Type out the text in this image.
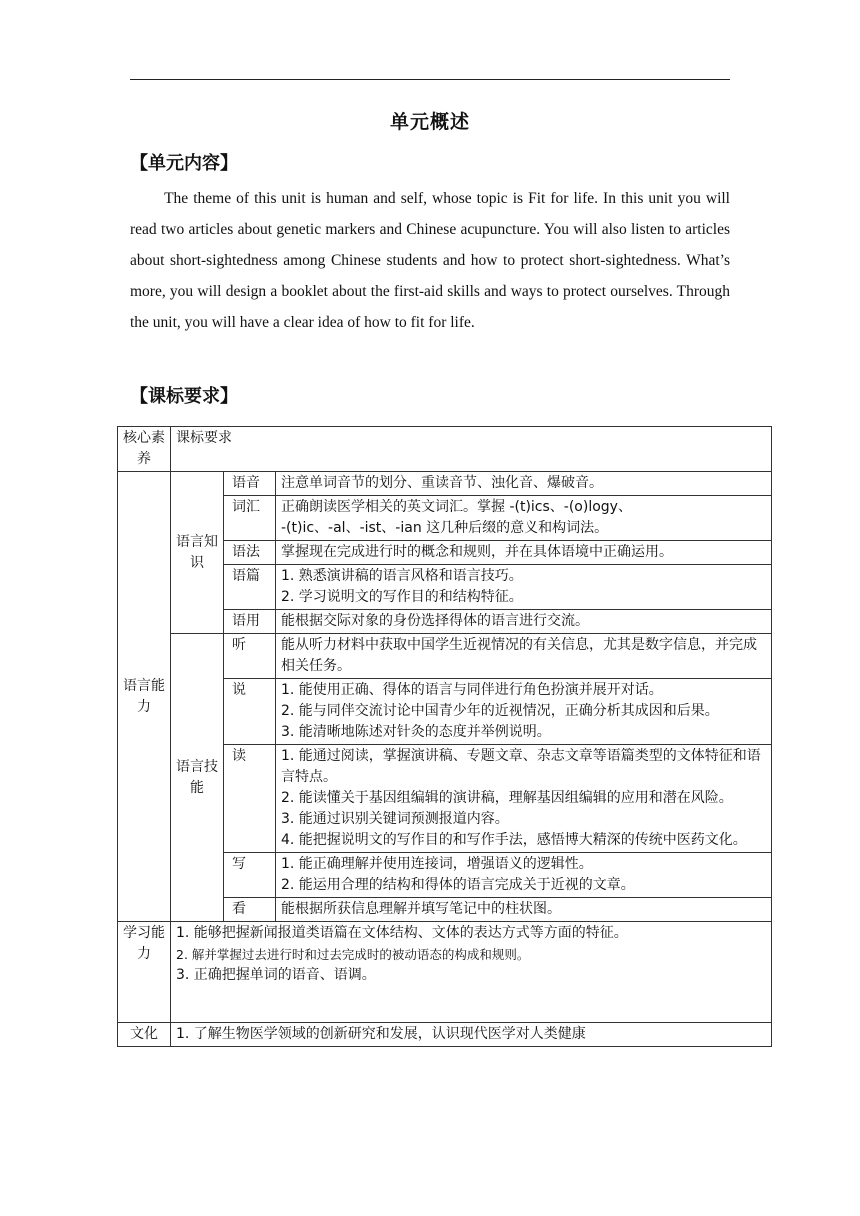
单元概述
【单元内容】

The theme of this unit is human and self, whose topic is Fit for life. In this unit you will read two articles about genetic markers and Chinese acupuncture. You will also listen to articles about short-sightedness among Chinese students and how to protect short-sightedness. What’s more, you will design a booklet about the first-aid skills and ways to protect ourselves. Through the unit, you will have a clear idea of how to fit for life.

【课标要求】
核心素养	课标要求		
语言能力	语言知识	语音	注意单词音节的划分、重读音节、浊化音、爆破音。

		词汇	正确朗读医学相关的英文词汇。掌握 -(t)ics、-(o)logy、
-(t)ic、-al、-ist、-ian 这几种后缀的意义和构词法。

		语法	掌握现在完成进行时的概念和规则，并在具体语境中正确运用。

		语篇	1. 熟悉演讲稿的语言风格和语言技巧。
2. 学习说明文的写作目的和结构特征。

		语用	能根据交际对象的身份选择得体的语言进行交流。

	语言技能	听	能从听力材料中获取中国学生近视情况的有关信息，尤其是数字信息，并完成相关任务。

		说	1. 能使用正确、得体的语言与同伴进行角色扮演并展开对话。
2. 能与同伴交流讨论中国青少年的近视情况，正确分析其成因和后果。
3. 能清晰地陈述对针灸的态度并举例说明。

		读	1. 能通过阅读，掌握演讲稿、专题文章、杂志文章等语篇类型的文体特征和语言特点。
2. 能读懂关于基因组编辑的演讲稿，理解基因组编辑的应用和潜在风险。
3. 能通过识别关键词预测报道内容。
4. 能把握说明文的写作目的和写作手法，感悟博大精深的传统中医药文化。

		写	1. 能正确理解并使用连接词，增强语义的逻辑性。
2. 能运用合理的结构和得体的语言完成关于近视的文章。

		看	能根据所获信息理解并填写笔记中的柱状图。

学习能力	1. 能够把握新闻报道类语篇在文体结构、文体的表达方式等方面的特征。
2. 解并掌握过去进行时和过去完成时的被动语态的构成和规则。
3. 正确把握单词的语音、语调。		

文化	1. 了解生物医学领域的创新研究和发展，认识现代医学对人类健康		
